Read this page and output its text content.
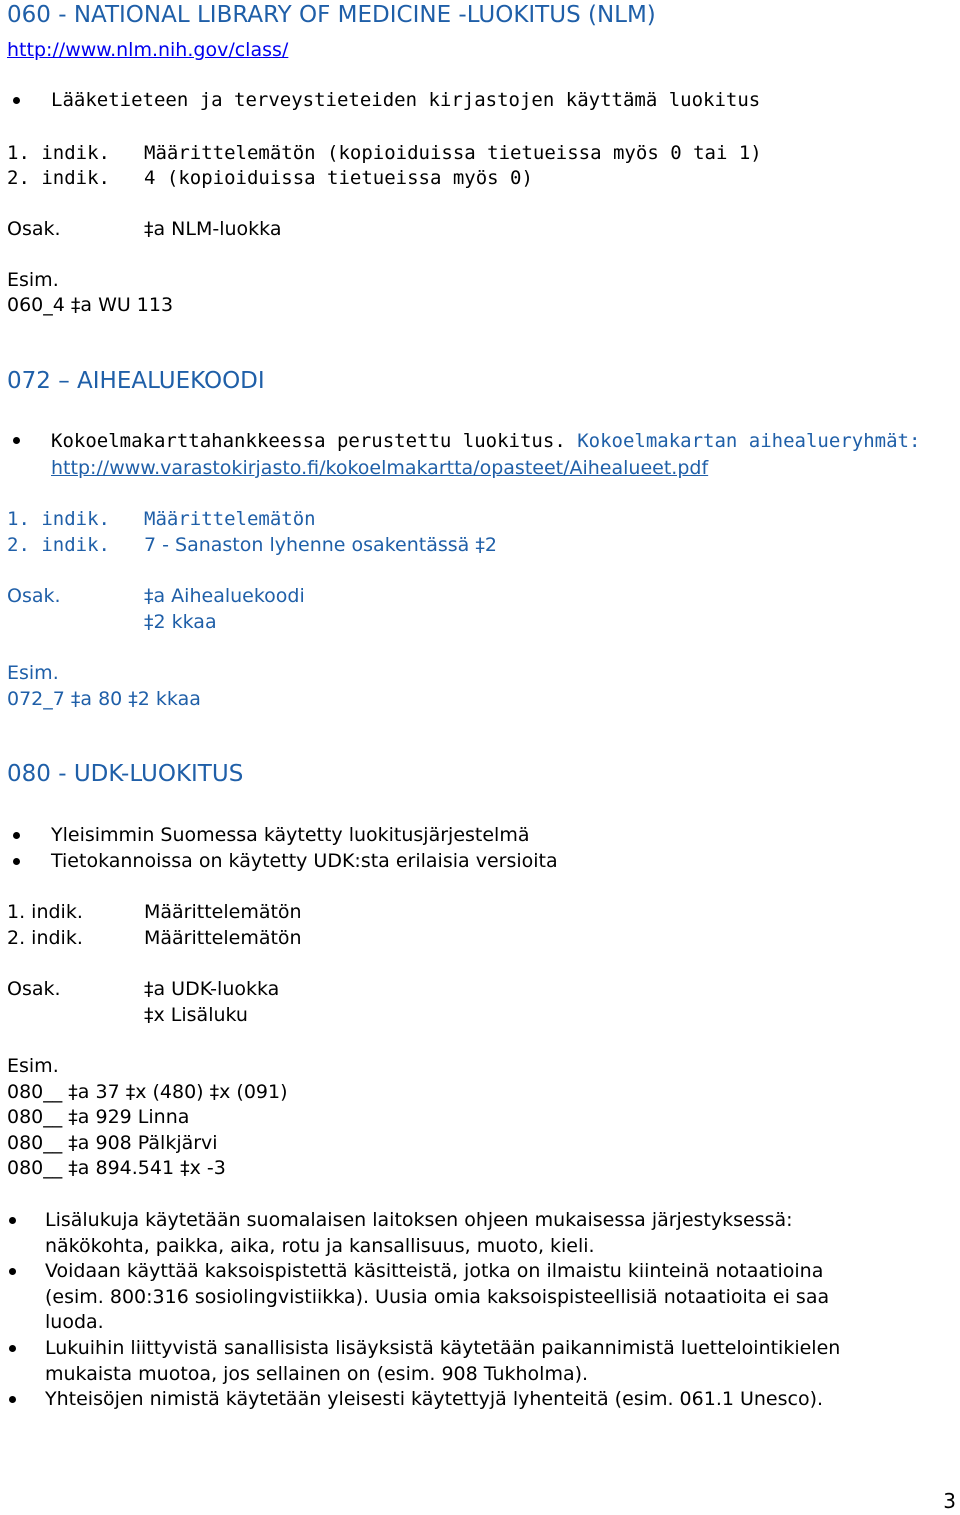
060 - NATIONAL LIBRARY OF MEDICINE -LUOKITUS (NLM)
http://www.nlm.nih.gov/class/
Lääketieteen ja terveystieteiden kirjastojen käyttämä luokitus
1. indik. Määrittelemätön (kopioiduissa tietueissa myös 0 tai 1)
2. indik. 4 (kopioiduissa tietueissa myös 0)
Osak.	‡a NLM-luokka
Esim.
060_4 ‡a WU 113
072 – AIHEALUEKOODI
Kokoelmakarttahankkeessa perustettu luokitus. Kokoelmakartan aihealueryhmät:
http://www.varastokirjasto.fi/kokoelmakartta/opasteet/Aihealueet.pdf
1. indik. Määrittelemätön
2. indik. 7 - Sanaston lyhenne osakentässä ‡2
Osak.	‡a Aihealuekoodi
‡2 kkaa
Esim.
072_7 ‡a 80 ‡2 kkaa
080 - UDK-LUOKITUS
Yleisimmin Suomessa käytetty luokitusjärjestelmä
Tietokannoissa on käytetty UDK:sta erilaisia versioita
1. indik.	Määrittelemätön
2. indik.	Määrittelemätön
Osak.	‡a UDK-luokka
‡x Lisäluku
Esim.
080__ ‡a 37 ‡x (480) ‡x (091)
080__ ‡a 929 Linna
080__ ‡a 908 Pälkjärvi
080__ ‡a 894.541 ‡x -3
Lisälukuja käytetään suomalaisen laitoksen ohjeen mukaisessa järjestyksessä:
näkökohta, paikka, aika, rotu ja kansallisuus, muoto, kieli.
Voidaan käyttää kaksoispistettä käsitteistä, jotka on ilmaistu kiinteinä notaatioina
(esim. 800:316 sosiolingvistiikka). Uusia omia kaksoispisteellisiä notaatioita ei saa
luoda.
Lukuihin liittyvistä sanallisista lisäyksistä käytetään paikannimistä luettelointikielen
mukaista muotoa, jos sellainen on (esim. 908 Tukholma).
Yhteisöjen nimistä käytetään yleisesti käytettyjä lyhenteitä (esim. 061.1 Unesco).
3
